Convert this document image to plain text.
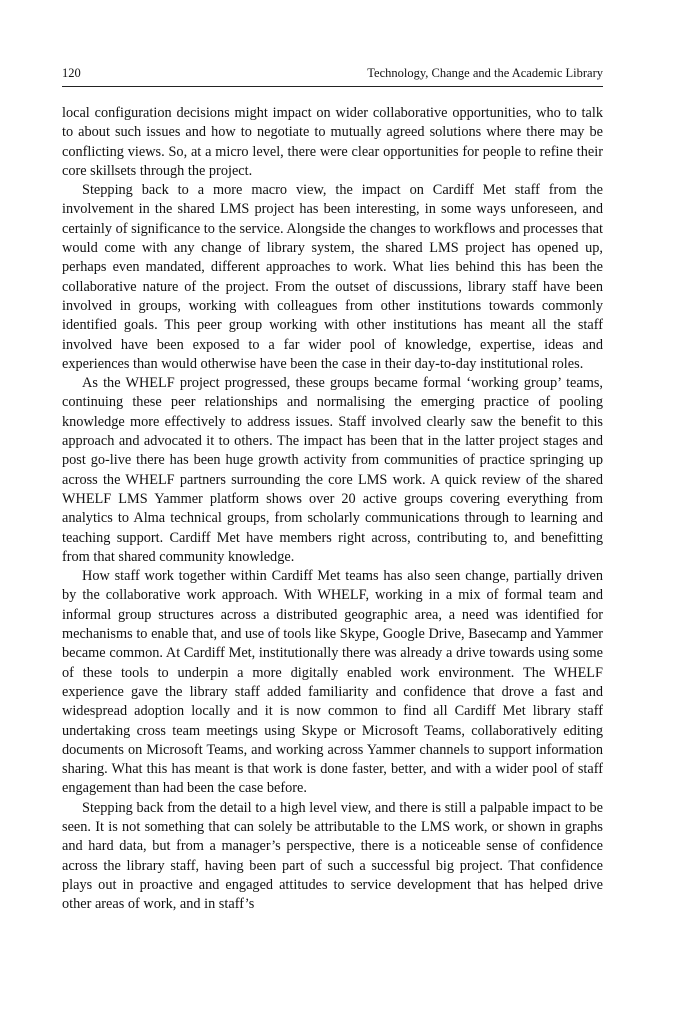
120	Technology, Change and the Academic Library

local configuration decisions might impact on wider collaborative opportunities, who to talk to about such issues and how to negotiate to mutually agreed solutions where there may be conflicting views. So, at a micro level, there were clear opportunities for people to refine their core skillsets through the project.

Stepping back to a more macro view, the impact on Cardiff Met staff from the involvement in the shared LMS project has been interesting, in some ways unforeseen, and certainly of significance to the service. Alongside the changes to workflows and processes that would come with any change of library system, the shared LMS project has opened up, perhaps even mandated, different approaches to work. What lies behind this has been the collaborative nature of the project. From the outset of discussions, library staff have been involved in groups, working with colleagues from other institutions towards commonly identified goals. This peer group working with other institutions has meant all the staff involved have been exposed to a far wider pool of knowledge, expertise, ideas and experiences than would otherwise have been the case in their day-to-day institutional roles.

As the WHELF project progressed, these groups became formal ‘working group’ teams, continuing these peer relationships and normalising the emerging practice of pooling knowledge more effectively to address issues. Staff involved clearly saw the benefit to this approach and advocated it to others. The impact has been that in the latter project stages and post go-live there has been huge growth activity from communities of practice springing up across the WHELF partners surrounding the core LMS work. A quick review of the shared WHELF LMS Yammer platform shows over 20 active groups covering everything from analytics to Alma technical groups, from scholarly communications through to learning and teaching support. Cardiff Met have members right across, contributing to, and benefitting from that shared community knowledge.

How staff work together within Cardiff Met teams has also seen change, partially driven by the collaborative work approach. With WHELF, working in a mix of formal team and informal group structures across a distributed geographic area, a need was identified for mechanisms to enable that, and use of tools like Skype, Google Drive, Basecamp and Yammer became common. At Cardiff Met, institutionally there was already a drive towards using some of these tools to underpin a more digitally enabled work environment. The WHELF experience gave the library staff added familiarity and confidence that drove a fast and widespread adoption locally and it is now common to find all Cardiff Met library staff undertaking cross team meetings using Skype or Microsoft Teams, collaboratively editing documents on Microsoft Teams, and working across Yammer channels to support information sharing. What this has meant is that work is done faster, better, and with a wider pool of staff engagement than had been the case before.

Stepping back from the detail to a high level view, and there is still a palpable impact to be seen. It is not something that can solely be attributable to the LMS work, or shown in graphs and hard data, but from a manager’s perspective, there is a noticeable sense of confidence across the library staff, having been part of such a successful big project. That confidence plays out in proactive and engaged attitudes to service development that has helped drive other areas of work, and in staff’s
